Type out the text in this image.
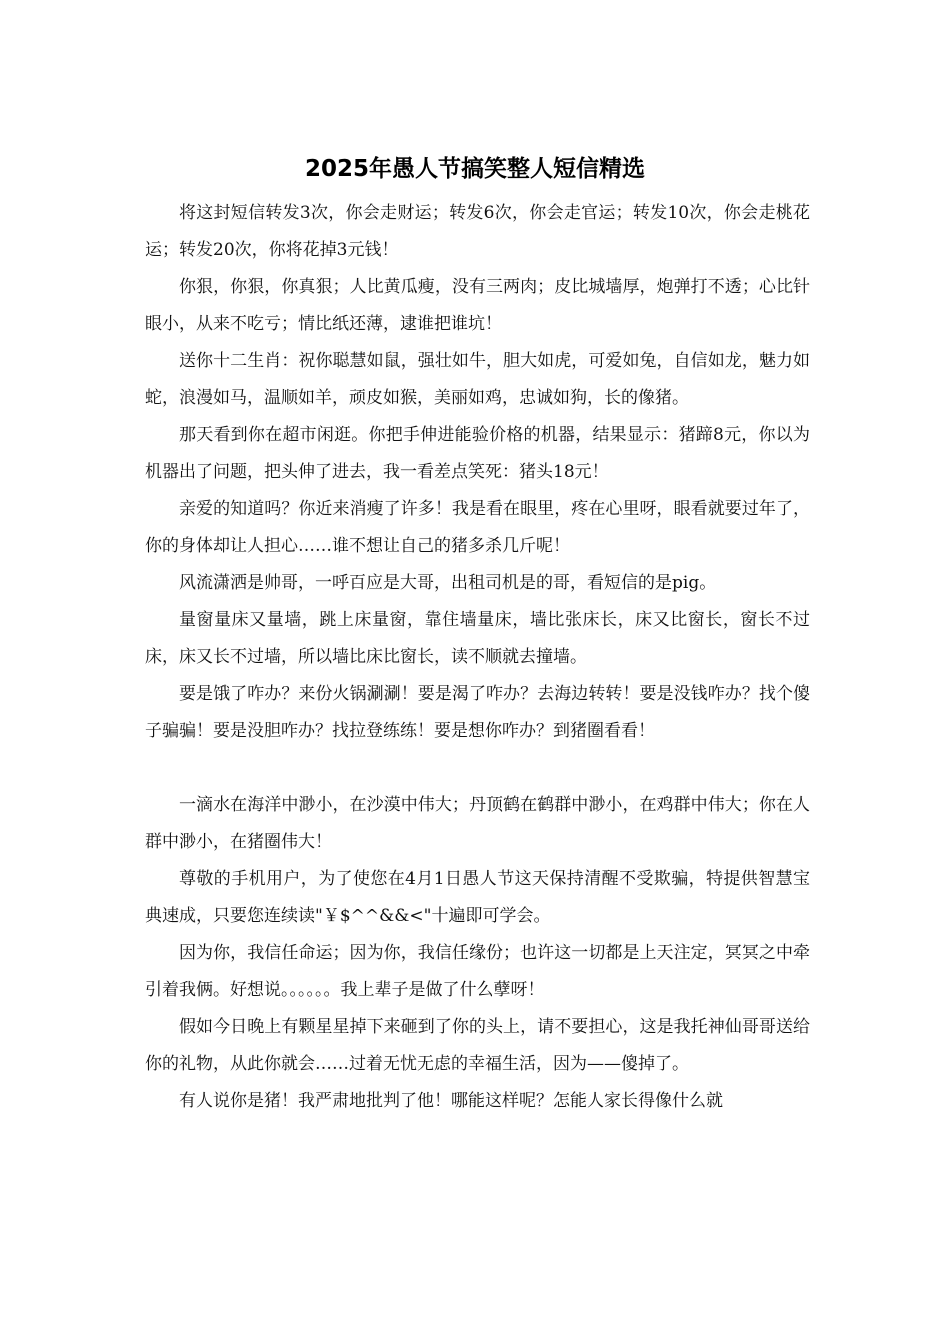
2025年愚人节搞笑整人短信精选

将这封短信转发3次，你会走财运；转发6次，你会走官运；转发10次，你会走桃花运；转发20次，你将花掉3元钱！

你狠，你狠，你真狠；人比黄瓜瘦，没有三两肉；皮比城墙厚，炮弹打不透；心比针眼小，从来不吃亏；情比纸还薄，逮谁把谁坑！

送你十二生肖：祝你聪慧如鼠，强壮如牛，胆大如虎，可爱如兔，自信如龙，魅力如蛇，浪漫如马，温顺如羊，顽皮如猴，美丽如鸡，忠诚如狗，长的像猪。

那天看到你在超市闲逛。你把手伸进能验价格的机器，结果显示：猪蹄8元，你以为机器出了问题，把头伸了进去，我一看差点笑死：猪头18元！

亲爱的知道吗？你近来消瘦了许多！我是看在眼里，疼在心里呀，眼看就要过年了，你的身体却让人担心……谁不想让自己的猪多杀几斤呢！

风流潇洒是帅哥，一呼百应是大哥，出租司机是的哥，看短信的是pig。

量窗量床又量墙，跳上床量窗，靠住墙量床，墙比张床长，床又比窗长，窗长不过床，床又长不过墙，所以墙比床比窗长，读不顺就去撞墙。

要是饿了咋办？来份火锅涮涮！要是渴了咋办？去海边转转！要是没钱咋办？找个傻子骗骗！要是没胆咋办？找拉登练练！要是想你咋办？到猪圈看看！

一滴水在海洋中渺小，在沙漠中伟大；丹顶鹤在鹤群中渺小，在鸡群中伟大；你在人群中渺小，在猪圈伟大！

尊敬的手机用户，为了使您在4月1日愚人节这天保持清醒不受欺骗，特提供智慧宝典速成，只要您连续读"￥$^^&&<"十遍即可学会。

因为你，我信任命运；因为你，我信任缘份；也许这一切都是上天注定，冥冥之中牵引着我俩。好想说。。。。。。我上辈子是做了什么孽呀！

假如今日晚上有颗星星掉下来砸到了你的头上，请不要担心，这是我托神仙哥哥送给你的礼物，从此你就会……过着无忧无虑的幸福生活，因为——傻掉了。

有人说你是猪！我严肃地批判了他！哪能这样呢？怎能人家长得像什么就
